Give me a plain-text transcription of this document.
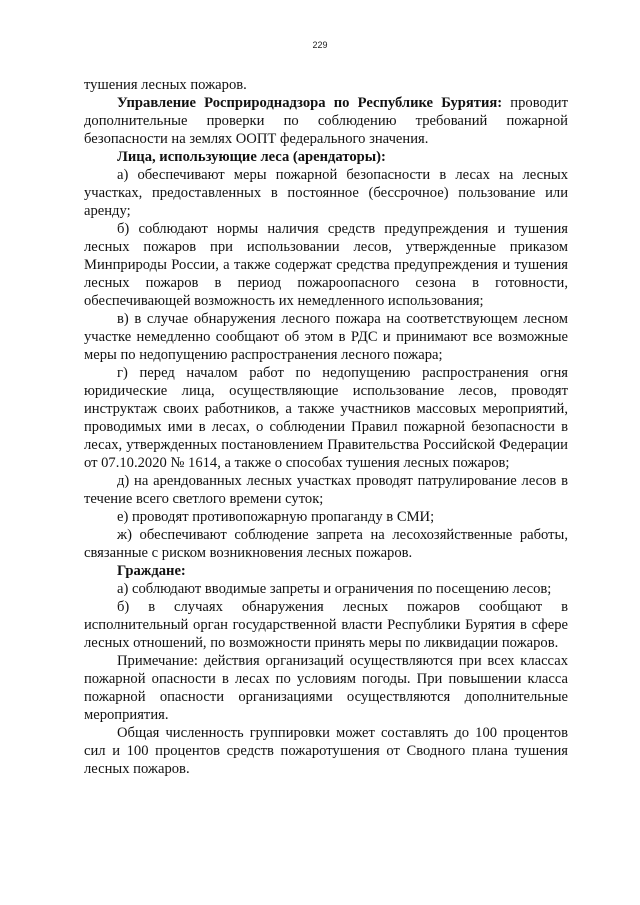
229

тушения лесных пожаров.

Управление Росприроднадзора по Республике Бурятия: проводит дополнительные проверки по соблюдению требований пожарной безопасности на землях ООПТ федерального значения.

Лица, использующие леса (арендаторы):

а) обеспечивают меры пожарной безопасности в лесах на лесных участках, предоставленных в постоянное (бессрочное) пользование или аренду;

б) соблюдают нормы наличия средств предупреждения и тушения лесных пожаров при использовании лесов, утвержденные приказом Минприроды России, а также содержат средства предупреждения и тушения лесных пожаров в период пожароопасного сезона в готовности, обеспечивающей возможность их немедленного использования;

в) в случае обнаружения лесного пожара на соответствующем лесном участке немедленно сообщают об этом в РДС и принимают все возможные меры по недопущению распространения лесного пожара;

г) перед началом работ по недопущению распространения огня юридические лица, осуществляющие использование лесов, проводят инструктаж своих работников, а также участников массовых мероприятий, проводимых ими в лесах, о соблюдении Правил пожарной безопасности в лесах, утвержденных постановлением Правительства Российской Федерации от 07.10.2020 № 1614, а также о способах тушения лесных пожаров;

д) на арендованных лесных участках проводят патрулирование лесов в течение всего светлого времени суток;

е) проводят противопожарную пропаганду в СМИ;

ж) обеспечивают соблюдение запрета на лесохозяйственные работы, связанные с риском возникновения лесных пожаров.

Граждане:

а) соблюдают вводимые запреты и ограничения по посещению лесов;

б) в случаях обнаружения лесных пожаров сообщают в исполнительный орган государственной власти Республики Бурятия в сфере лесных отношений, по возможности принять меры по ликвидации пожаров.

Примечание: действия организаций осуществляются при всех классах пожарной опасности в лесах по условиям погоды. При повышении класса пожарной опасности организациями осуществляются дополнительные мероприятия.

Общая численность группировки может составлять до 100 процентов сил и 100 процентов средств пожаротушения от Сводного плана тушения лесных пожаров.
